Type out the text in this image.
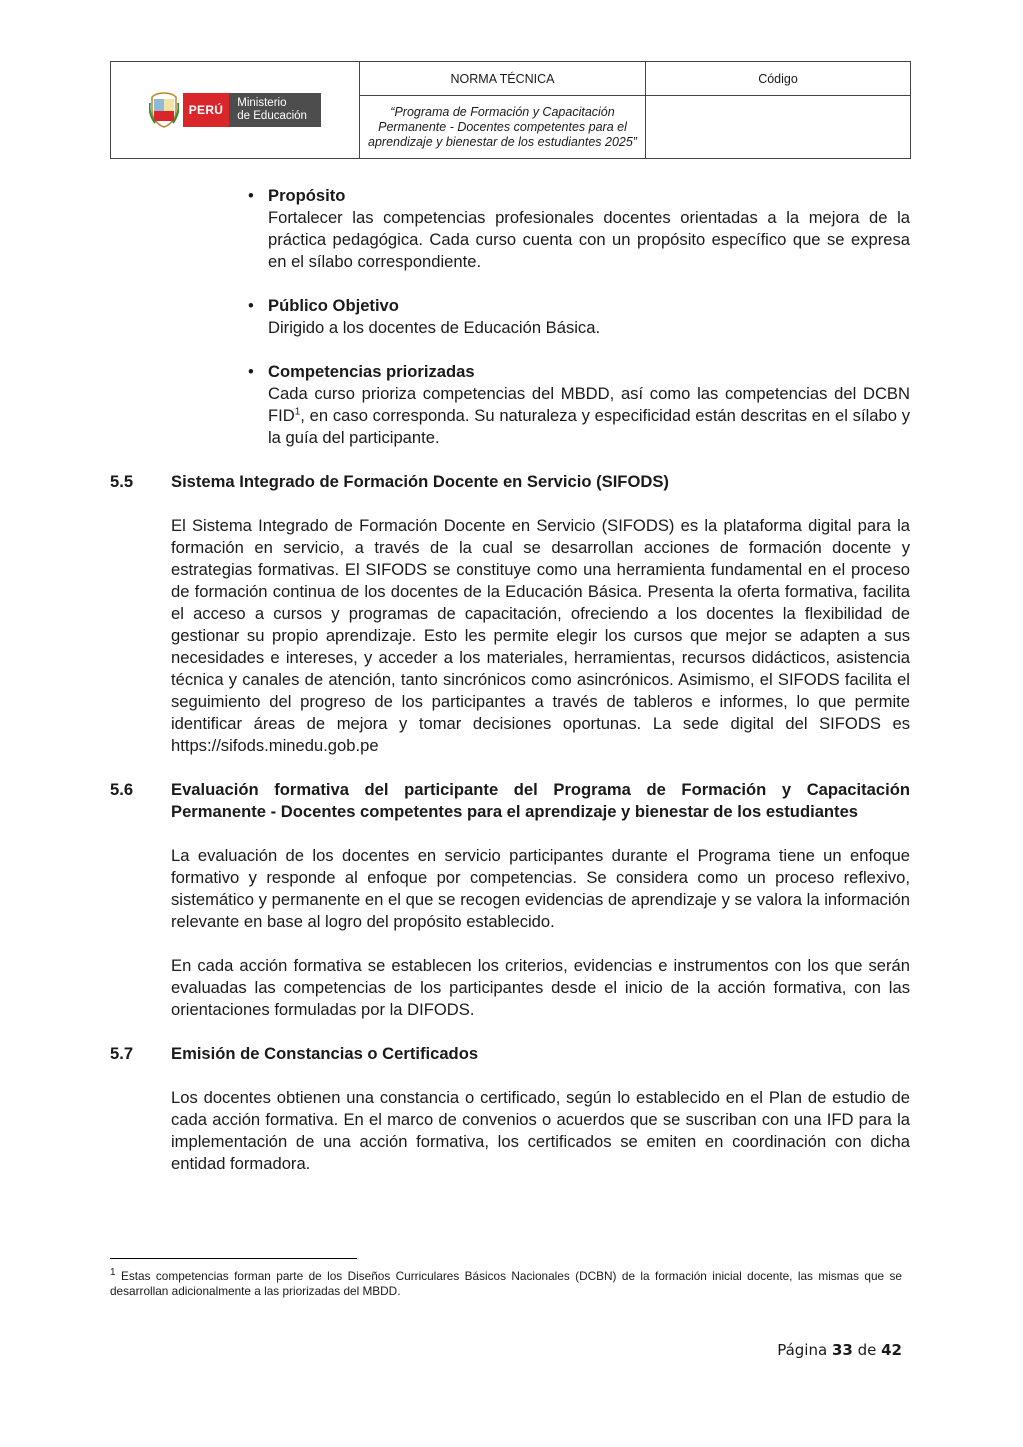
PERÚ Ministerio
de Educación	NORMA TÉCNICA	Código
	“Programa de Formación y Capacitación Permanente - Docentes competentes para el aprendizaje y bienestar de los estudiantes 2025”	
• Propósito
Fortalecer las competencias profesionales docentes orientadas a la mejora de la práctica pedagógica. Cada curso cuenta con un propósito específico que se expresa en el sílabo correspondiente.
• Público Objetivo
Dirigido a los docentes de Educación Básica.
• Competencias priorizadas
Cada curso prioriza competencias del MBDD, así como las competencias del DCBN FID$^1$, en caso corresponda. Su naturaleza y especificidad están descritas en el sílabo y la guía del participante.
5.5	Sistema Integrado de Formación Docente en Servicio (SIFODS)
El Sistema Integrado de Formación Docente en Servicio (SIFODS) es la plataforma digital para la formación en servicio, a través de la cual se desarrollan acciones de formación docente y estrategias formativas. El SIFODS se constituye como una herramienta fundamental en el proceso de formación continua de los docentes de la Educación Básica. Presenta la oferta formativa, facilita el acceso a cursos y programas de capacitación, ofreciendo a los docentes la flexibilidad de gestionar su propio aprendizaje. Esto les permite elegir los cursos que mejor se adapten a sus necesidades e intereses, y acceder a los materiales, herramientas, recursos didácticos, asistencia técnica y canales de atención, tanto sincrónicos como asincrónicos. Asimismo, el SIFODS facilita el seguimiento del progreso de los participantes a través de tableros e informes, lo que permite identificar áreas de mejora y tomar decisiones oportunas. La sede digital del SIFODS es https://sifods.minedu.gob.pe
5.6	Evaluación formativa del participante del Programa de Formación y Capacitación Permanente - Docentes competentes para el aprendizaje y bienestar de los estudiantes
La evaluación de los docentes en servicio participantes durante el Programa tiene un enfoque formativo y responde al enfoque por competencias. Se considera como un proceso reflexivo, sistemático y permanente en el que se recogen evidencias de aprendizaje y se valora la información relevante en base al logro del propósito establecido.
En cada acción formativa se establecen los criterios, evidencias e instrumentos con los que serán evaluadas las competencias de los participantes desde el inicio de la acción formativa, con las orientaciones formuladas por la DIFODS.
5.7	Emisión de Constancias o Certificados
Los docentes obtienen una constancia o certificado, según lo establecido en el Plan de estudio de cada acción formativa. En el marco de convenios o acuerdos que se suscriban con una IFD para la implementación de una acción formativa, los certificados se emiten en coordinación con dicha entidad formadora.
$^1$ Estas competencias forman parte de los Diseños Curriculares Básicos Nacionales (DCBN) de la formación inicial docente, las mismas que se desarrollan adicionalmente a las priorizadas del MBDD.
Página 33 de 42
